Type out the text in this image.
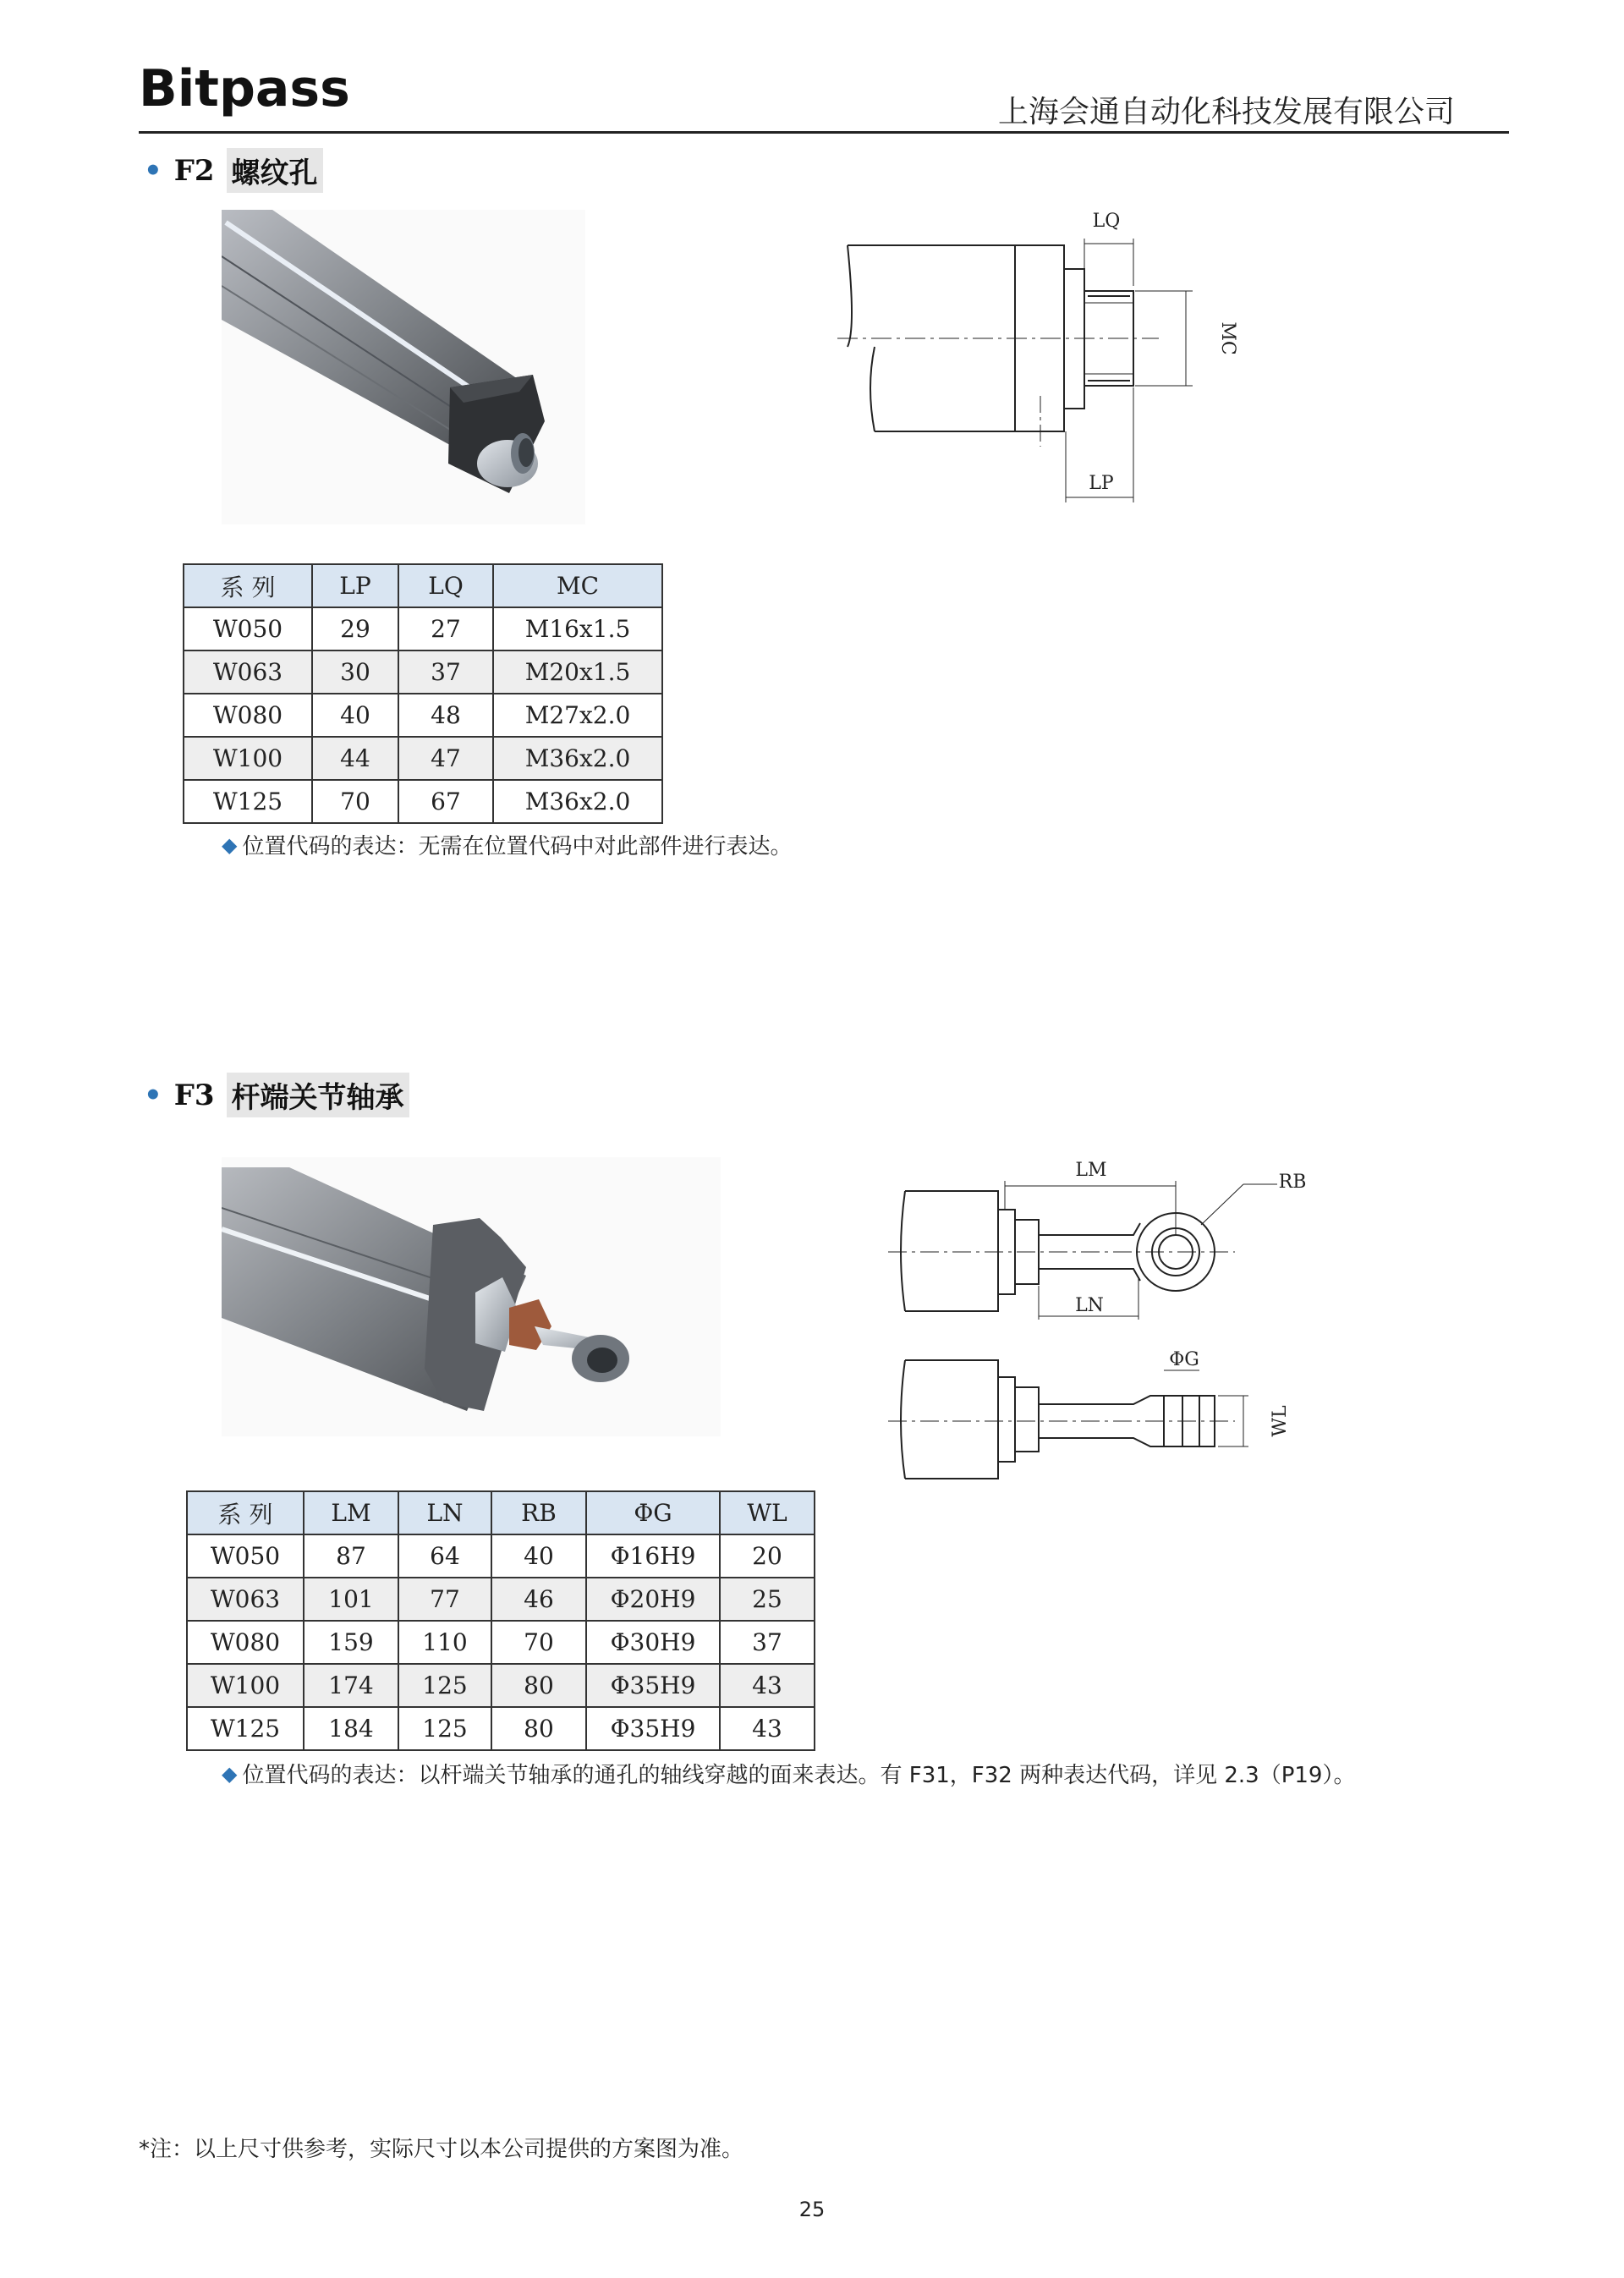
Bitpass	上海会通自动化科技发展有限公司
• F2 螺纹孔
LQ
MC
LP
系 列	LP	LQ	MC
W050	29	27	M16x1.5
W063	30	37	M20x1.5
W080	40	48	M27x2.0
W100	44	47	M36x2.0
W125	70	67	M36x2.0
◆ 位置代码的表达：无需在位置代码中对此部件进行表达。
• F3 杆端关节轴承
LM
RB
LN
ΦG
WL
系 列	LM	LN	RB	ΦG	WL
W050	87	64	40	Φ16H9	20
W063	101	77	46	Φ20H9	25
W080	159	110	70	Φ30H9	37
W100	174	125	80	Φ35H9	43
W125	184	125	80	Φ35H9	43
◆ 位置代码的表达：以杆端关节轴承的通孔的轴线穿越的面来表达。有 F31，F32 两种表达代码，详见 2.3（P19）。
*注：以上尺寸供参考，实际尺寸以本公司提供的方案图为准。
25
